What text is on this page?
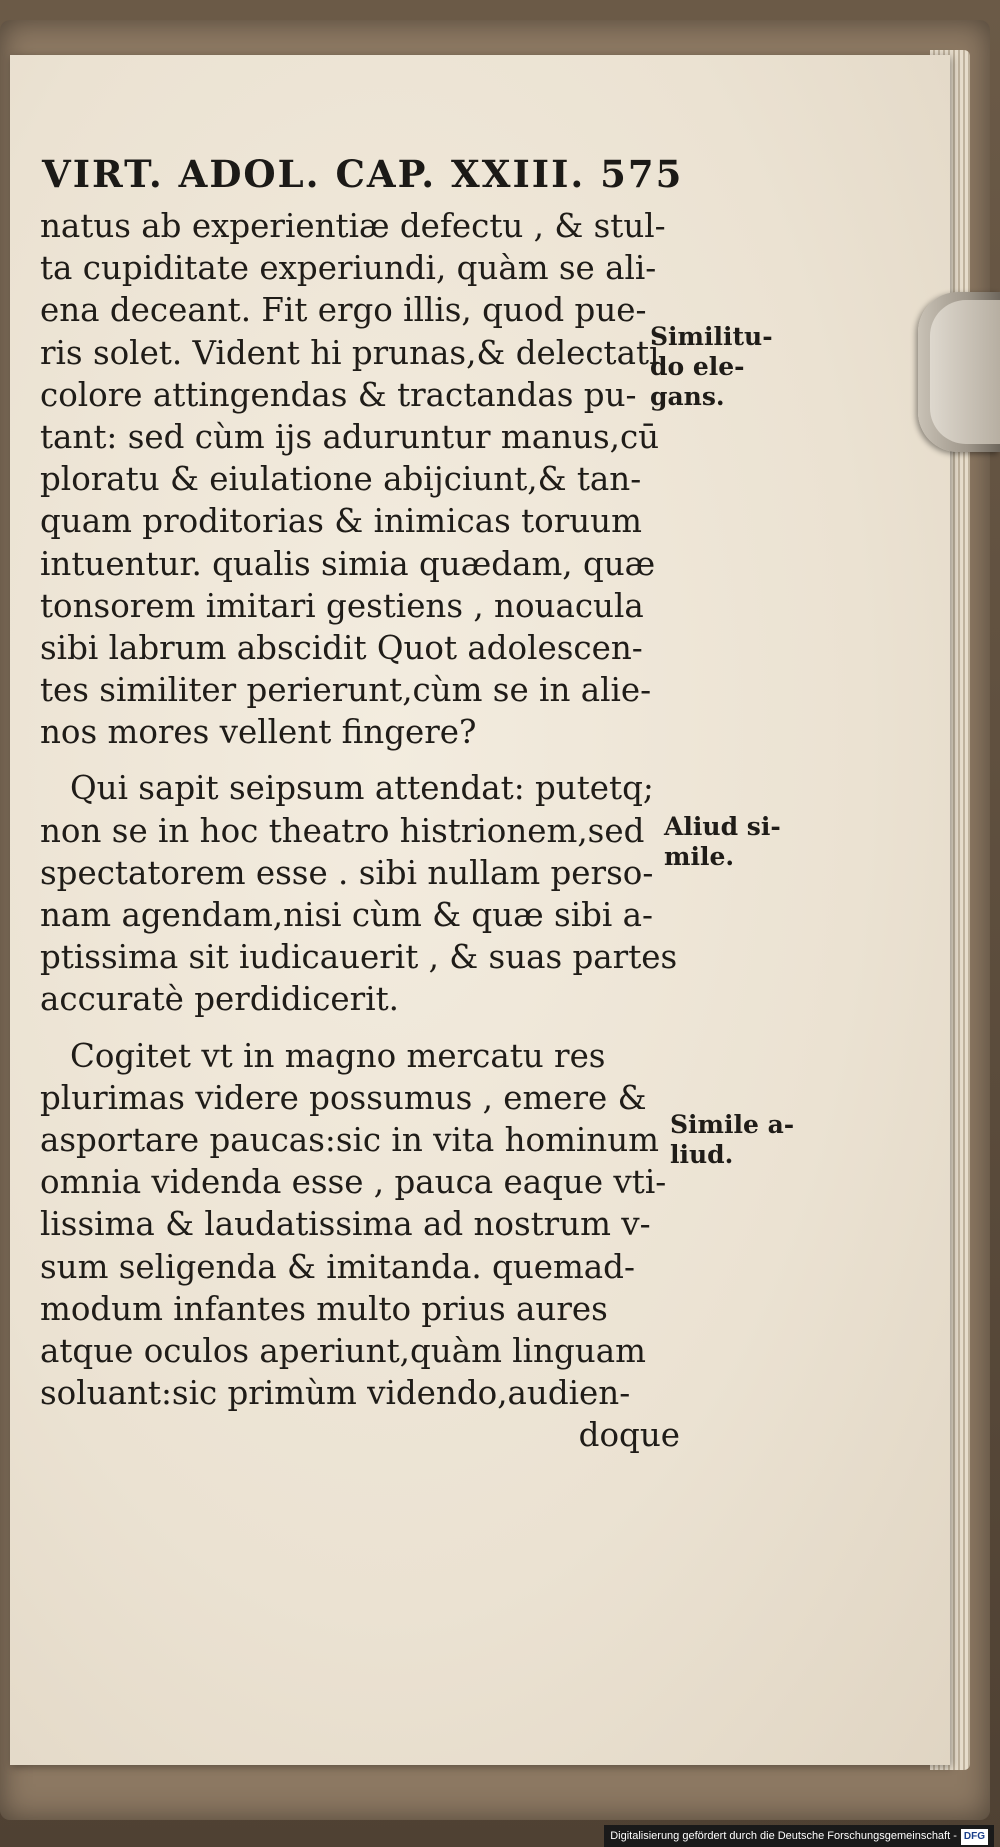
VIRT. ADOL. CAP. XXIII. 575
natus ab experientiæ defectu , & stul-
ta cupiditate experiundi, quàm se ali-
ena deceant. Fit ergo illis, quod pue-
ris solet. Vident hi prunas,& delectati
colore attingendas & tractandas pu-
tant: sed cùm ijs aduruntur manus,cū
ploratu & eiulatione abijciunt,& tan-
quam proditorias & inimicas toruum
intuentur. qualis simia quædam, quæ
tonsorem imitari gestiens , nouacula
sibi labrum abscidit Quot adolescen-
tes similiter perierunt,cùm se in alie-
nos mores vellent fingere?
Qui sapit seipsum attendat: putetq;
non se in hoc theatro histrionem,sed
spectatorem esse . sibi nullam perso-
nam agendam,nisi cùm & quæ sibi a-
ptissima sit iudicauerit , & suas partes
accuratè perdidicerit.
Cogitet vt in magno mercatu res
plurimas videre possumus , emere &
asportare paucas:sic in vita hominum
omnia videnda esse , pauca eaque vti-
lissima & laudatissima ad nostrum v-
sum seligenda & imitanda. quemad-
modum infantes multo prius aures
atque oculos aperiunt,quàm linguam
soluant:sic primùm videndo,audien-
doque
Similitu-
do ele-
gans.
Aliud si-
mile.
Simile a-
liud.
Digitalisierung gefördert durch die Deutsche Forschungsgemeinschaft - DFG
